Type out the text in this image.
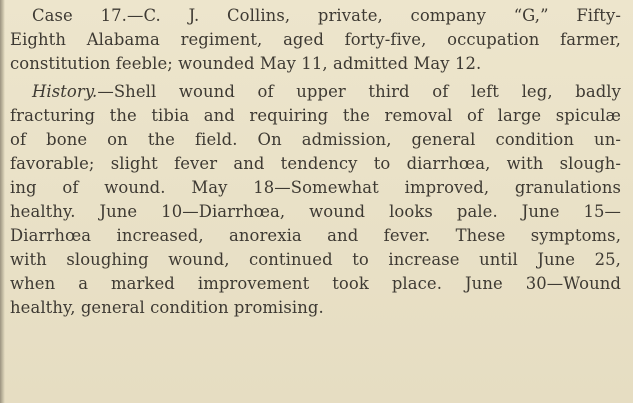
Case 17.—C. J. Collins, private, company “G,” Fifty-
Eighth Alabama regiment, aged forty-five, occupation farmer,
constitution feeble; wounded May 11, admitted May 12.
History.—Shell wound of upper third of left leg, badly
fracturing the tibia and requiring the removal of large spiculæ
of bone on the field. On admission, general condition un-
favorable; slight fever and tendency to diarrhœa, with slough-
ing of wound. May 18—Somewhat improved, granulations
healthy. June 10—Diarrhœa, wound looks pale. June 15—
Diarrhœa increased, anorexia and fever. These symptoms,
with sloughing wound, continued to increase until June 25,
when a marked improvement took place. June 30—Wound
healthy, general condition promising.
